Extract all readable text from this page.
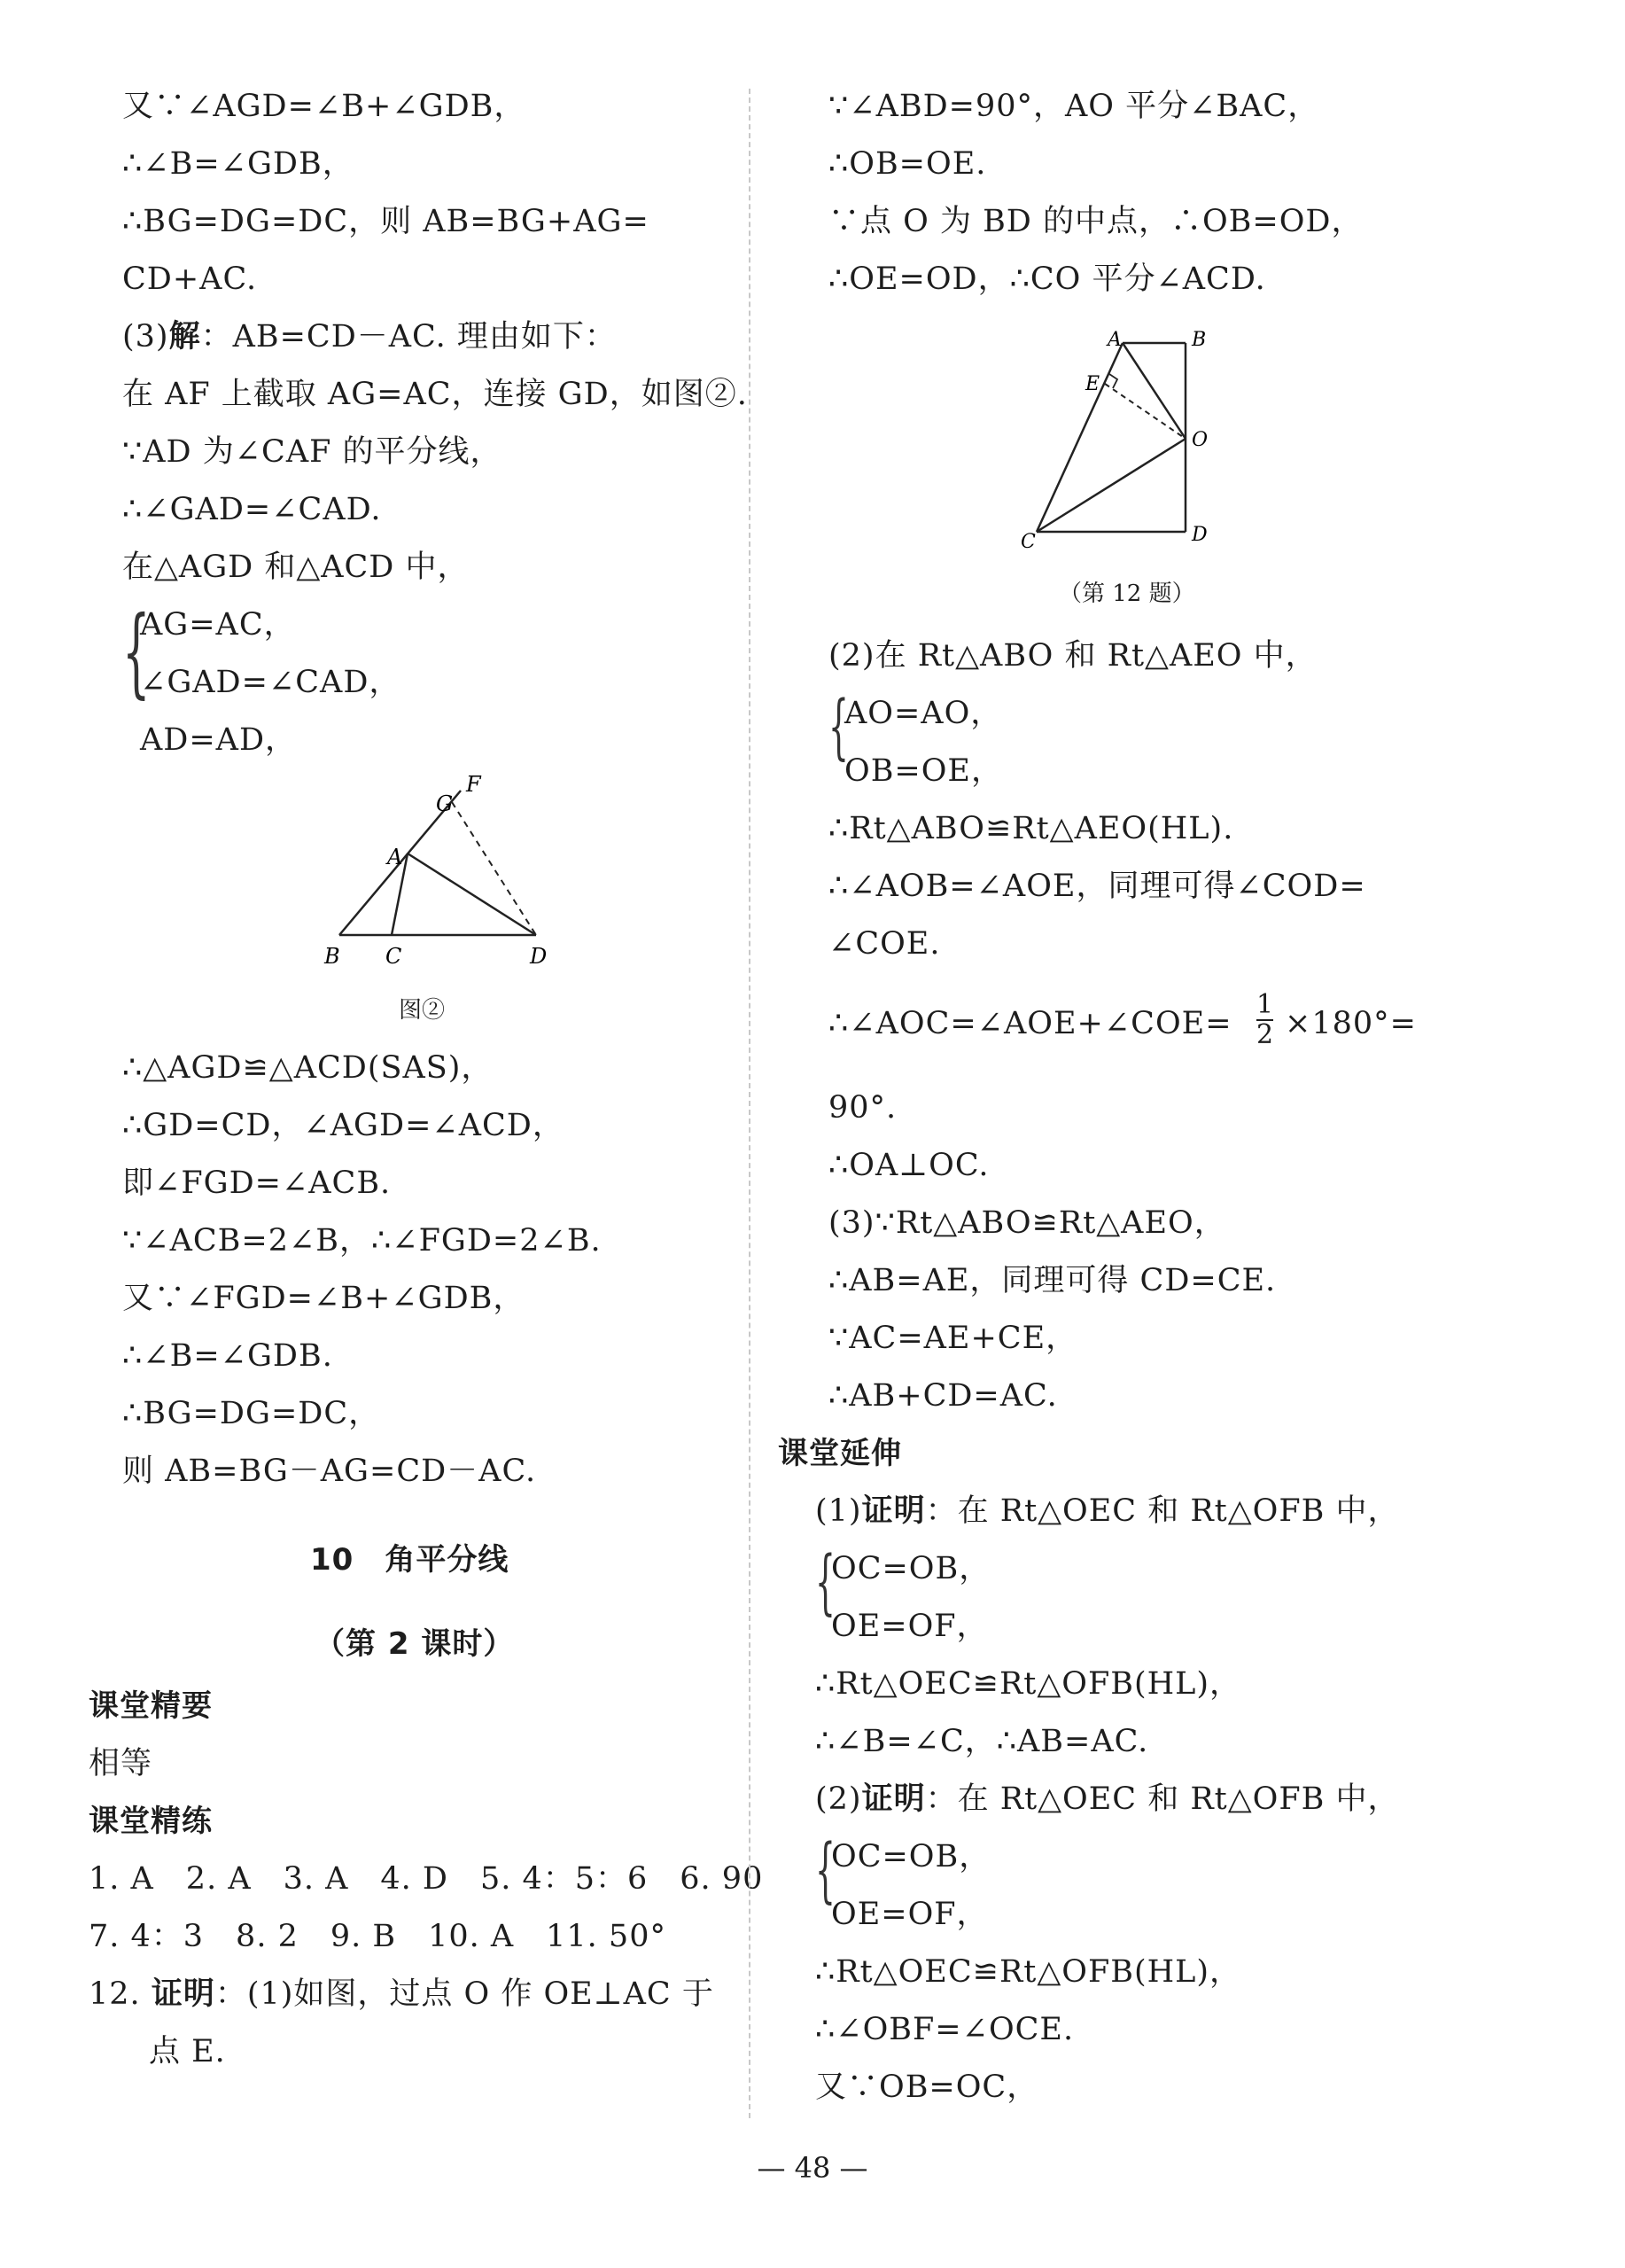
又∵∠AGD=∠B+∠GDB，
∴∠B=∠GDB，
∴BG=DG=DC，则 AB=BG+AG=
CD+AC.
(3)解：AB=CD－AC. 理由如下：
在 AF 上截取 AG=AC，连接 GD，如图②.
∵AD 为∠CAF 的平分线，
∴∠GAD=∠CAD.
在△AGD 和△ACD 中，
{
AG=AC，
∠GAD=∠CAD，
AD=AD，
F
G
A
B C	D
图②
∴△AGD≌△ACD(SAS)，
∴GD=CD，∠AGD=∠ACD，
即∠FGD=∠ACB.
∵∠ACB=2∠B，∴∠FGD=2∠B.
又∵∠FGD=∠B+∠GDB，
∴∠B=∠GDB.
∴BG=DG=DC，
则 AB=BG－AG=CD－AC.
10　角平分线
（第 2 课时）
课堂精要
相等
课堂精练
1. A　2. A　3. A　4. D　5. 4：5：6　6. 90
7. 4：3　8. 2　9. B　10. A　11. 50°
12. 证明：(1)如图，过点 O 作 OE⊥AC 于
点 E.
∵∠ABD=90°，AO 平分∠BAC，
∴OB=OE.
∵点 O 为 BD 的中点，∴OB=OD，
∴OE=OD，∴CO 平分∠ACD.
A	B
E
O
C	D
（第 12 题）
(2)在 Rt△ABO 和 Rt△AEO 中，
{
AO=AO，
OB=OE，
∴Rt△ABO≌Rt△AEO(HL).
∴∠AOB=∠AOE，同理可得∠COD=
∠COE.
∴∠AOC=∠AOE+∠COE= $\frac{1}{2} \times 180^\circ=$
90°.
∴OA⊥OC.
(3)∵Rt△ABO≌Rt△AEO，
∴AB=AE，同理可得 CD=CE.
∵AC=AE+CE，
∴AB+CD=AC.
课堂延伸
(1)证明：在 Rt△OEC 和 Rt△OFB 中，
{
OC=OB，
OE=OF，
∴Rt△OEC≌Rt△OFB(HL)，
∴∠B=∠C，∴AB=AC.
(2)证明：在 Rt△OEC 和 Rt△OFB 中，
{
OC=OB，
OE=OF，
∴Rt△OEC≌Rt△OFB(HL)，
∴∠OBF=∠OCE.
又∵OB=OC，
— 48 —
